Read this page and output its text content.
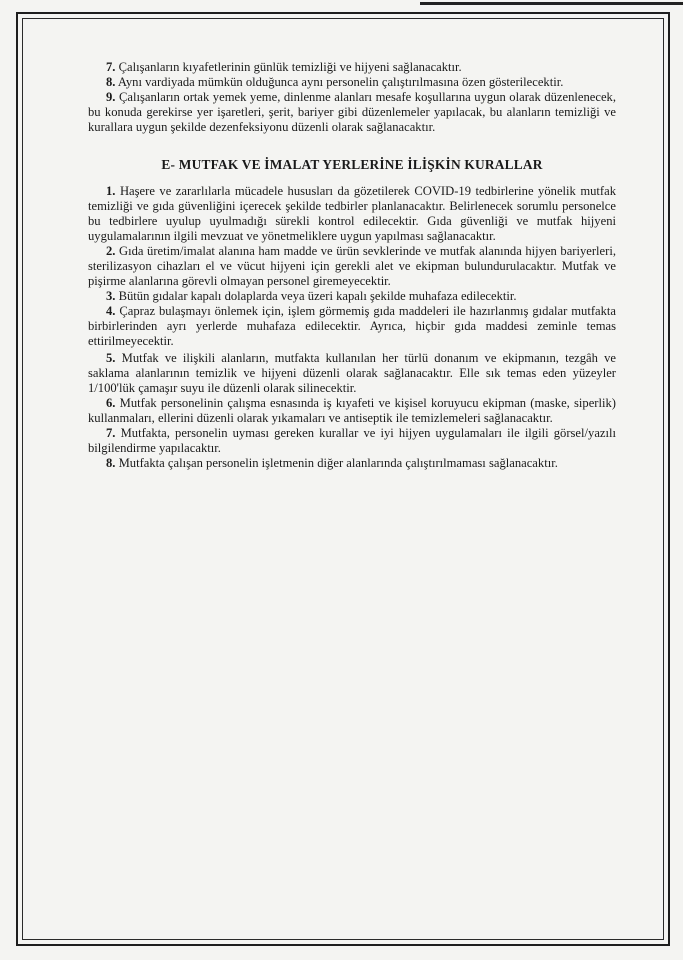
7. Çalışanların kıyafetlerinin günlük temizliği ve hijyeni sağlanacaktır.

8. Aynı vardiyada mümkün olduğunca aynı personelin çalıştırılmasına özen gösterilecektir.

9. Çalışanların ortak yemek yeme, dinlenme alanları mesafe koşullarına uygun olarak düzenlenecek, bu konuda gerekirse yer işaretleri, şerit, bariyer gibi düzenlemeler yapılacak, bu alanların temizliği ve kurallara uygun şekilde dezenfeksiyonu düzenli olarak sağlanacaktır.

E- MUTFAK VE İMALAT YERLERİNE İLİŞKİN KURALLAR

1. Haşere ve zararlılarla mücadele hususları da gözetilerek COVID-19 tedbirlerine yönelik mutfak temizliği ve gıda güvenliğini içerecek şekilde tedbirler planlanacaktır. Belirlenecek sorumlu personelce bu tedbirlere uyulup uyulmadığı sürekli kontrol edilecektir. Gıda güvenliği ve mutfak hijyeni uygulamalarının ilgili mevzuat ve yönetmeliklere uygun yapılması sağlanacaktır.

2. Gıda üretim/imalat alanına ham madde ve ürün sevklerinde ve mutfak alanında hijyen bariyerleri, sterilizasyon cihazları el ve vücut hijyeni için gerekli alet ve ekipman bulundurulacaktır. Mutfak ve pişirme alanlarına görevli olmayan personel giremeyecektir.

3. Bütün gıdalar kapalı dolaplarda veya üzeri kapalı şekilde muhafaza edilecektir.

4. Çapraz bulaşmayı önlemek için, işlem görmemiş gıda maddeleri ile hazırlanmış gıdalar mutfakta birbirlerinden ayrı yerlerde muhafaza edilecektir. Ayrıca, hiçbir gıda maddesi zeminle temas ettirilmeyecektir.

5. Mutfak ve ilişkili alanların, mutfakta kullanılan her türlü donanım ve ekipmanın, tezgâh ve saklama alanlarının temizlik ve hijyeni düzenli olarak sağlanacaktır. Elle sık temas eden yüzeyler 1/100'lük çamaşır suyu ile düzenli olarak silinecektir.

6. Mutfak personelinin çalışma esnasında iş kıyafeti ve kişisel koruyucu ekipman (maske, siperlik) kullanmaları, ellerini düzenli olarak yıkamaları ve antiseptik ile temizlemeleri sağlanacaktır.

7. Mutfakta, personelin uyması gereken kurallar ve iyi hijyen uygulamaları ile ilgili görsel/yazılı bilgilendirme yapılacaktır.

8. Mutfakta çalışan personelin işletmenin diğer alanlarında çalıştırılmaması sağlanacaktır.
